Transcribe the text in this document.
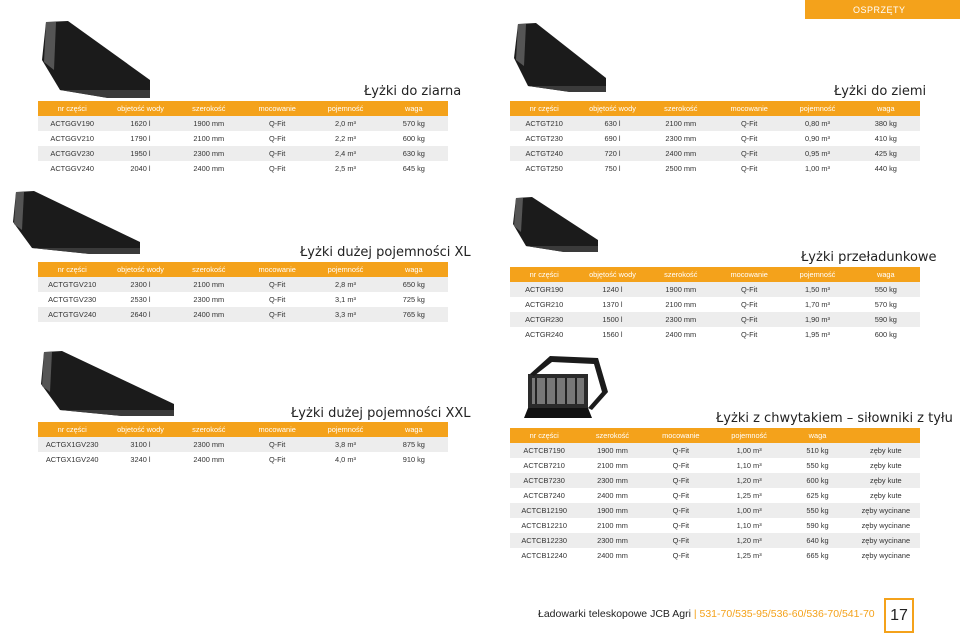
OSPRZĘTY
Łyżki do ziarna	Łyżki do ziemi
Łyżki dużej pojemności XL	Łyżki przeładunkowe
Łyżki dużej pojemności XXL	Łyżki z chwytakiem – siłowniki z tyłu
nr części	objetość wody	szerokość	mocowanie	pojemność	waga
ACTGGV190	1620 l	1900 mm	Q-Fit	2,0 m³	570 kg
ACTGGV210	1790 l	2100 mm	Q-Fit	2,2 m³	600 kg
ACTGGV230	1950 l	2300 mm	Q-Fit	2,4 m³	630 kg
ACTGGV240	2040 l	2400 mm	Q-Fit	2,5 m³	645 kg
nr części	objętość wody	szerokość	mocowanie	pojemność	waga
ACTGT210	630 l	2100 mm	Q-Fit	0,80 m³	380 kg
ACTGT230	690 l	2300 mm	Q-Fit	0,90 m³	410 kg
ACTGT240	720 l	2400 mm	Q-Fit	0,95 m³	425 kg
ACTGT250	750 l	2500 mm	Q-Fit	1,00 m³	440 kg
nr części	objetość wody	szerokość	mocowanie	pojemność	waga
ACTGTGV210	2300 l	2100 mm	Q-Fit	2,8 m³	650 kg
ACTGTGV230	2530 l	2300 mm	Q-Fit	3,1 m³	725 kg
ACTGTGV240	2640 l	2400 mm	Q-Fit	3,3 m³	765 kg
nr części	objętość wody	szerokość	mocowanie	pojemność	waga
ACTGR190	1240 l	1900 mm	Q-Fit	1,50 m³	550 kg
ACTGR210	1370 l	2100 mm	Q-Fit	1,70 m³	570 kg
ACTGR230	1500 l	2300 mm	Q-Fit	1,90 m³	590 kg
ACTGR240	1560 l	2400 mm	Q-Fit	1,95 m³	600 kg
nr części	objetość wody	szerokość	mocowanie	pojemność	waga
ACTGX1GV230	3100 l	2300 mm	Q-Fit	3,8 m³	875 kg
ACTGX1GV240	3240 l	2400 mm	Q-Fit	4,0 m³	910 kg
nr części	szerokość	mocowanie	pojemność	waga	
ACTCB7190	1900 mm	Q-Fit	1,00 m³	510 kg	zęby kute
ACTCB7210	2100 mm	Q-Fit	1,10 m³	550 kg	zęby kute
ACTCB7230	2300 mm	Q-Fit	1,20 m³	600 kg	zęby kute
ACTCB7240	2400 mm	Q-Fit	1,25 m³	625 kg	zęby kute
ACTCB12190	1900 mm	Q-Fit	1,00 m³	550 kg	zęby wycinane
ACTCB12210	2100 mm	Q-Fit	1,10 m³	590 kg	zęby wycinane
ACTCB12230	2300 mm	Q-Fit	1,20 m³	640 kg	zęby wycinane
ACTCB12240	2400 mm	Q-Fit	1,25 m³	665 kg	zęby wycinane
Ładowarki teleskopowe JCB Agri | 531-70/535-95/536-60/536-70/541-70 17
